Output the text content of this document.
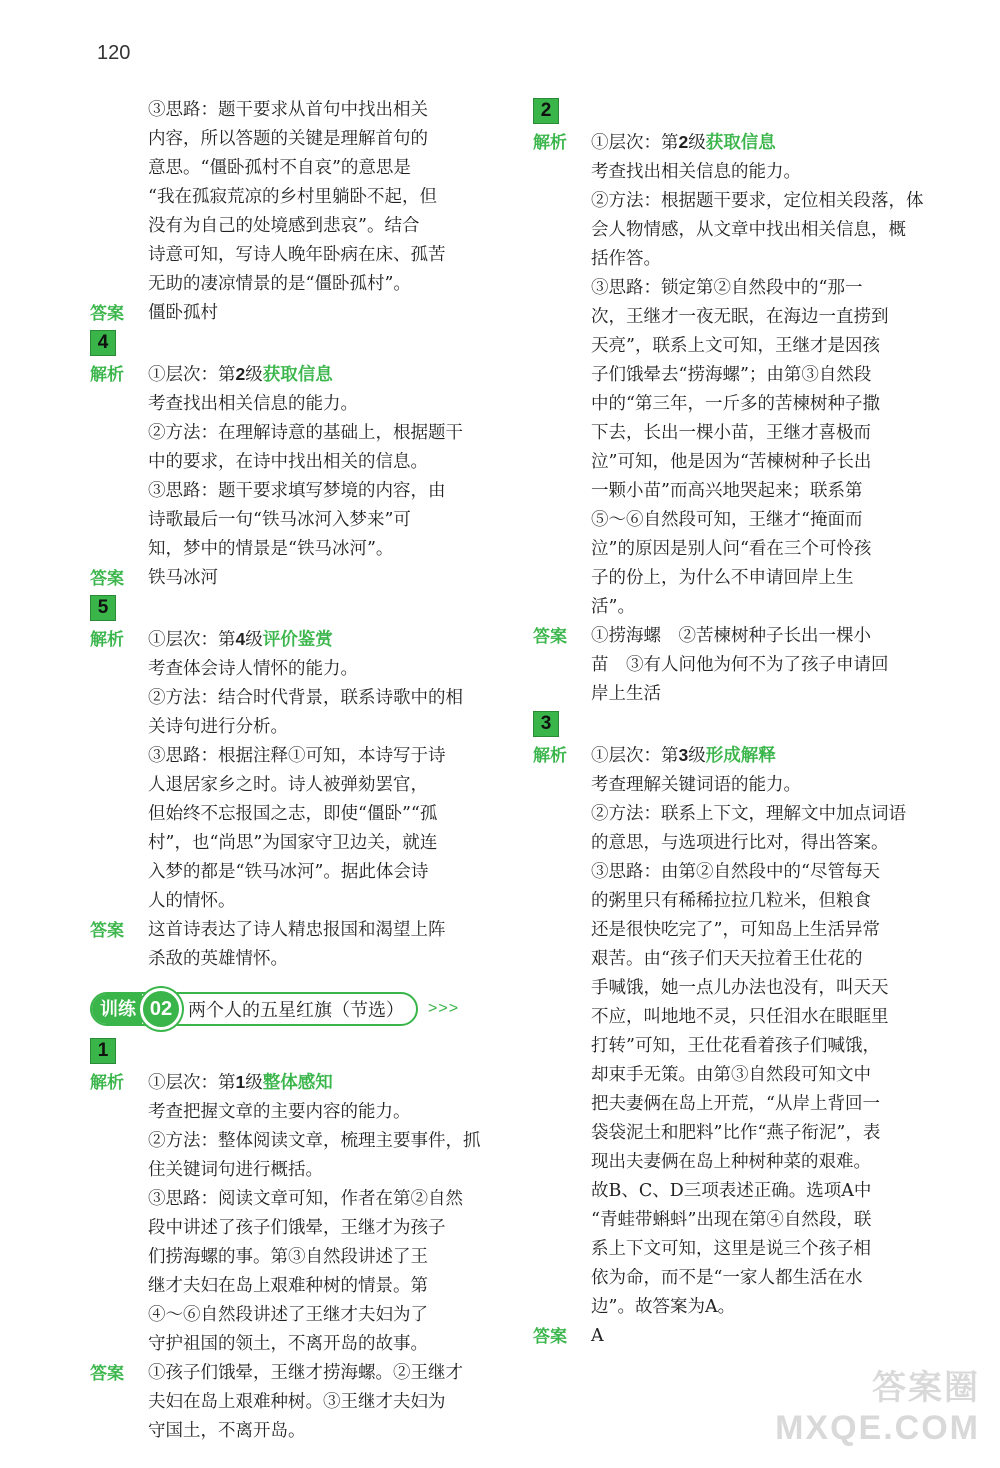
120
③思路：题干要求从首句中找出相关
内容，所以答题的关键是理解首句的
意思。“僵卧孤村不自哀”的意思是
“我在孤寂荒凉的乡村里躺卧不起，但
没有为自己的处境感到悲哀”。结合
诗意可知，写诗人晚年卧病在床、孤苦
无助的凄凉情景的是“僵卧孤村”。
答案	僵卧孤村
4
解析	①层次：第2级获取信息
考查找出相关信息的能力。
②方法：在理解诗意的基础上，根据题干
中的要求，在诗中找出相关的信息。
③思路：题干要求填写梦境的内容，由
诗歌最后一句“铁马冰河入梦来”可
知，梦中的情景是“铁马冰河”。
答案	铁马冰河
5
解析	①层次：第4级评价鉴赏
考查体会诗人情怀的能力。
②方法：结合时代背景，联系诗歌中的相
关诗句进行分析。
③思路：根据注释①可知，本诗写于诗
人退居家乡之时。诗人被弹劾罢官，
但始终不忘报国之志，即使“僵卧”“孤
村”，也“尚思”为国家守卫边关，就连
入梦的都是“铁马冰河”。据此体会诗
人的情怀。
答案	这首诗表达了诗人精忠报国和渴望上阵
杀敌的英雄情怀。
训练 02 两个人的五星红旗（节选） >>>
1
解析	①层次：第1级整体感知
考查把握文章的主要内容的能力。
②方法：整体阅读文章，梳理主要事件，抓
住关键词句进行概括。
③思路：阅读文章可知，作者在第②自然
段中讲述了孩子们饿晕，王继才为孩子
们捞海螺的事。第③自然段讲述了王
继才夫妇在岛上艰难种树的情景。第
④～⑥自然段讲述了王继才夫妇为了
守护祖国的领土，不离开岛的故事。
答案	①孩子们饿晕，王继才捞海螺。②王继才
夫妇在岛上艰难种树。③王继才夫妇为
守国土，不离开岛。
2
解析	①层次：第2级获取信息
考查找出相关信息的能力。
②方法：根据题干要求，定位相关段落，体
会人物情感，从文章中找出相关信息，概
括作答。
③思路：锁定第②自然段中的“那一
次，王继才一夜无眠，在海边一直捞到
天亮”，联系上文可知，王继才是因孩
子们饿晕去“捞海螺”；由第③自然段
中的“第三年，一斤多的苦楝树种子撒
下去，长出一棵小苗，王继才喜极而
泣”可知，他是因为“苦楝树种子长出
一颗小苗”而高兴地哭起来；联系第
⑤～⑥自然段可知，王继才“掩面而
泣”的原因是别人问“看在三个可怜孩
子的份上，为什么不申请回岸上生
活”。
答案	①捞海螺　②苦楝树种子长出一棵小
苗　③有人问他为何不为了孩子申请回
岸上生活
3
解析	①层次：第3级形成解释
考查理解关键词语的能力。
②方法：联系上下文，理解文中加点词语
的意思，与选项进行比对，得出答案。
③思路：由第②自然段中的“尽管每天
的粥里只有稀稀拉拉几粒米，但粮食
还是很快吃完了”，可知岛上生活异常
艰苦。由“孩子们天天拉着王仕花的
手喊饿，她一点儿办法也没有，叫天天
不应，叫地地不灵，只任泪水在眼眶里
打转”可知，王仕花看着孩子们喊饿，
却束手无策。由第③自然段可知文中
把夫妻俩在岛上开荒，“从岸上背回一
袋袋泥土和肥料”比作“燕子衔泥”，表
现出夫妻俩在岛上种树种菜的艰难。
故B、C、D三项表述正确。选项A中
“青蛙带蝌蚪”出现在第④自然段，联
系上下文可知，这里是说三个孩子相
依为命，而不是“一家人都生活在水
边”。故答案为A。
答案	A
答案圈
MXQE.COM
